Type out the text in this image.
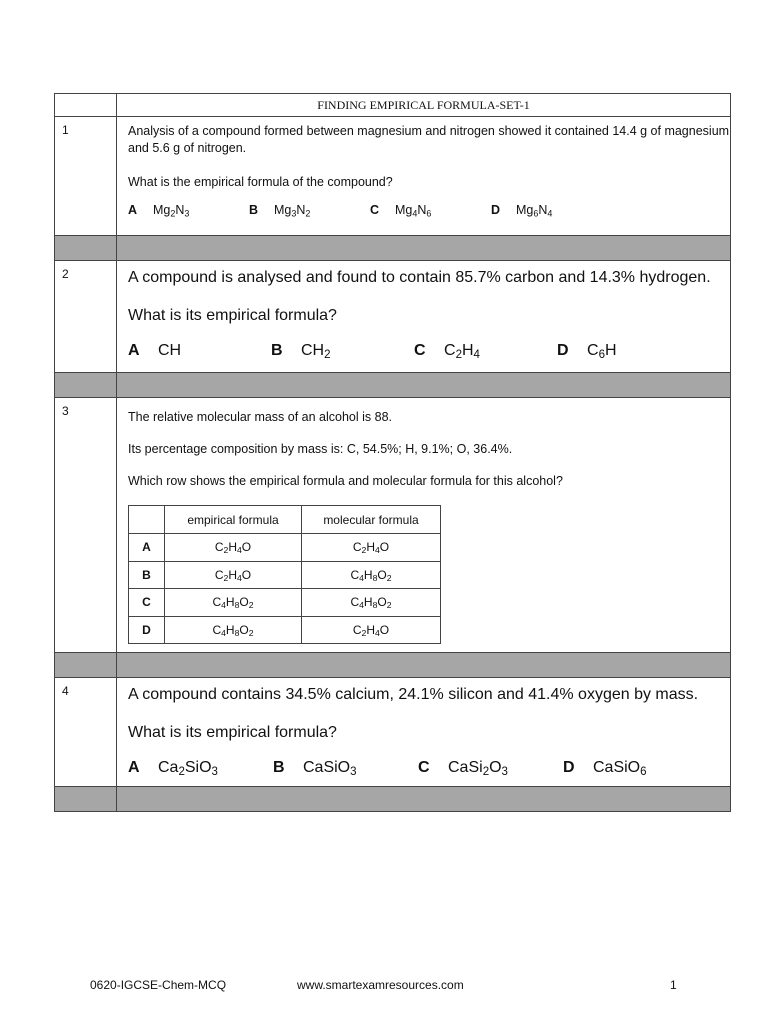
	FINDING EMPIRICAL FORMULA-SET-1
1	Analysis of a compound formed between magnesium and nitrogen showed it contained 14.4 g of magnesium and 5.6 g of nitrogen.

What is the empirical formula of the compound?

A	$Mg_2N_3$	B	$Mg_3N_2$	C	$Mg_4N_6$	D	$Mg_6N_4$

2	A compound is analysed and found to contain 85.7% carbon and 14.3% hydrogen.

What is its empirical formula?

A	CH	B	$CH_2$	C	$C_2H_4$	D	$C_6H$

3	The relative molecular mass of an alcohol is 88.

Its percentage composition by mass is: C, 54.5%; H, 9.1%; O, 36.4%.

Which row shows the empirical formula and molecular formula for this alcohol?

	empirical formula	molecular formula
A	$C_2H_4O$	$C_2H_4O$
B	$C_2H_4O$	$C_4H_8O_2$
C	$C_4H_8O_2$	$C_4H_8O_2$
D	$C_4H_8O_2$	$C_2H_4O$

4	A compound contains 34.5% calcium, 24.1% silicon and 41.4% oxygen by mass.

What is its empirical formula?

A	$Ca_2SiO_3$	B	CaSiO$_3$	C	$CaSi_2O_3$	D	CaSiO$_6$

0620-IGCSE-Chem-MCQ	www.smartexamresources.com	1
